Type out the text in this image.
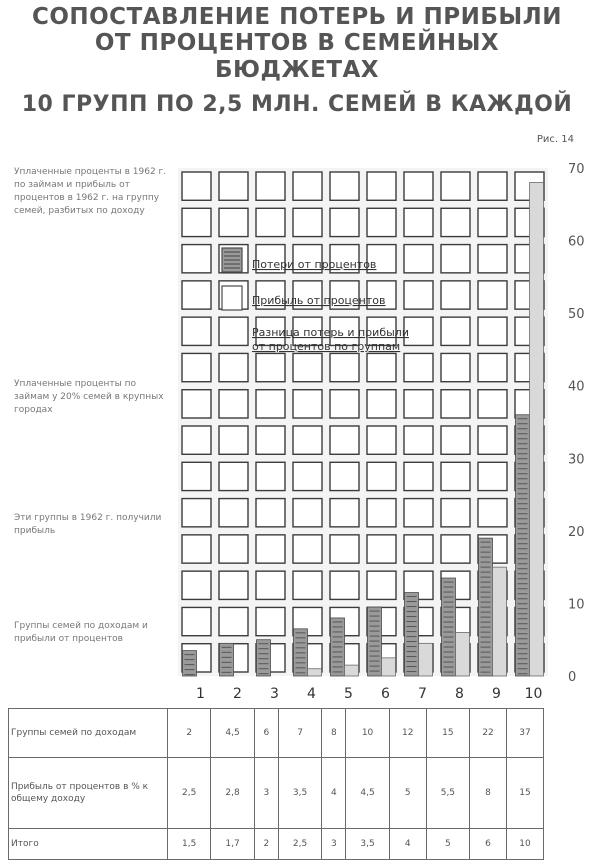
СОПОСТАВЛЕНИЕ ПОТЕРЬ И ПРИБЫЛИ
ОТ ПРОЦЕНТОВ В СЕМЕЙНЫХ
БЮДЖЕТАХ
10 ГРУПП ПО 2,5 МЛН. СЕМЕЙ В КАЖДОЙ
Рис. 14
Уплаченные проценты в 1962 г. по займам и прибыль от процентов в 1962 г. на группу семей, разбитых по доходу
Уплаченные проценты по займам у 20% семей в крупных городах
Эти группы в 1962 г. получили прибыль
Группы семей по доходам и прибыли от процентов
0
10
20
30
40
50
60
70
1 2 3 4 5 6 7 8 9 10
Потери от процентов
Прибыль от процентов
Разница потерь и прибыли
от процентов по группам
Группы семей по доходам	2	4,5	6	7	8	10	12	15	22	37
Прибыль от процентов в % к общему доходу	2,5	2,8	3	3,5	4	4,5	5	5,5	8	15
Итого	1,5	1,7	2	2,5	3	3,5	4	5	6	10
